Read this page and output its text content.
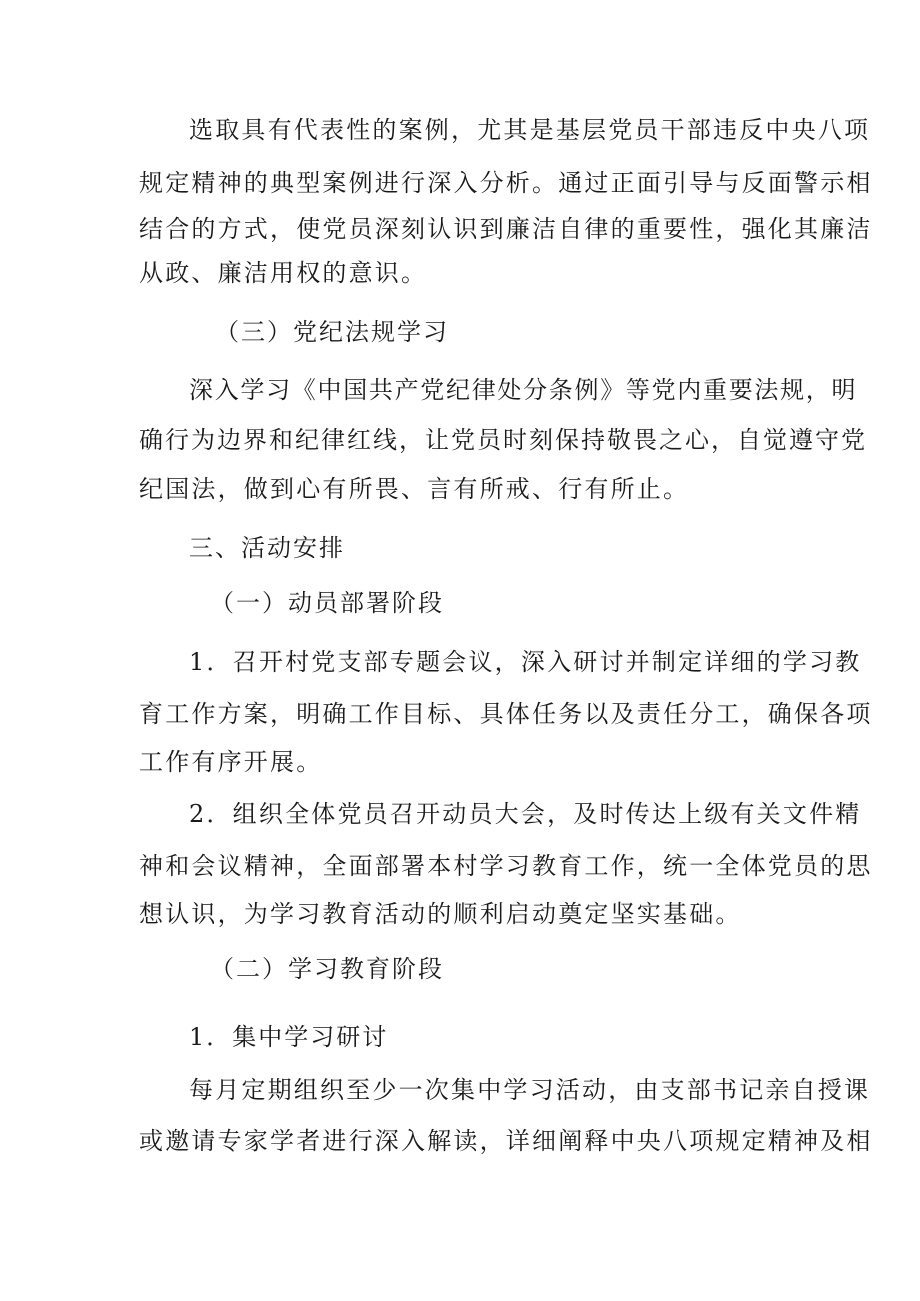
选取具有代表性的案例，尤其是基层党员干部违反中央八项

规定精神的典型案例进行深入分析。通过正面引导与反面警示相

结合的方式，使党员深刻认识到廉洁自律的重要性，强化其廉洁

从政、廉洁用权的意识。

（三）党纪法规学习

深入学习《中国共产党纪律处分条例》等党内重要法规，明

确行为边界和纪律红线，让党员时刻保持敬畏之心，自觉遵守党

纪国法，做到心有所畏、言有所戒、行有所止。

三、活动安排

（一）动员部署阶段

1．召开村党支部专题会议，深入研讨并制定详细的学习教

育工作方案，明确工作目标、具体任务以及责任分工，确保各项

工作有序开展。

2．组织全体党员召开动员大会，及时传达上级有关文件精

神和会议精神，全面部署本村学习教育工作，统一全体党员的思

想认识，为学习教育活动的顺利启动奠定坚实基础。

（二）学习教育阶段

1．集中学习研讨

每月定期组织至少一次集中学习活动，由支部书记亲自授课

或邀请专家学者进行深入解读，详细阐释中央八项规定精神及相
